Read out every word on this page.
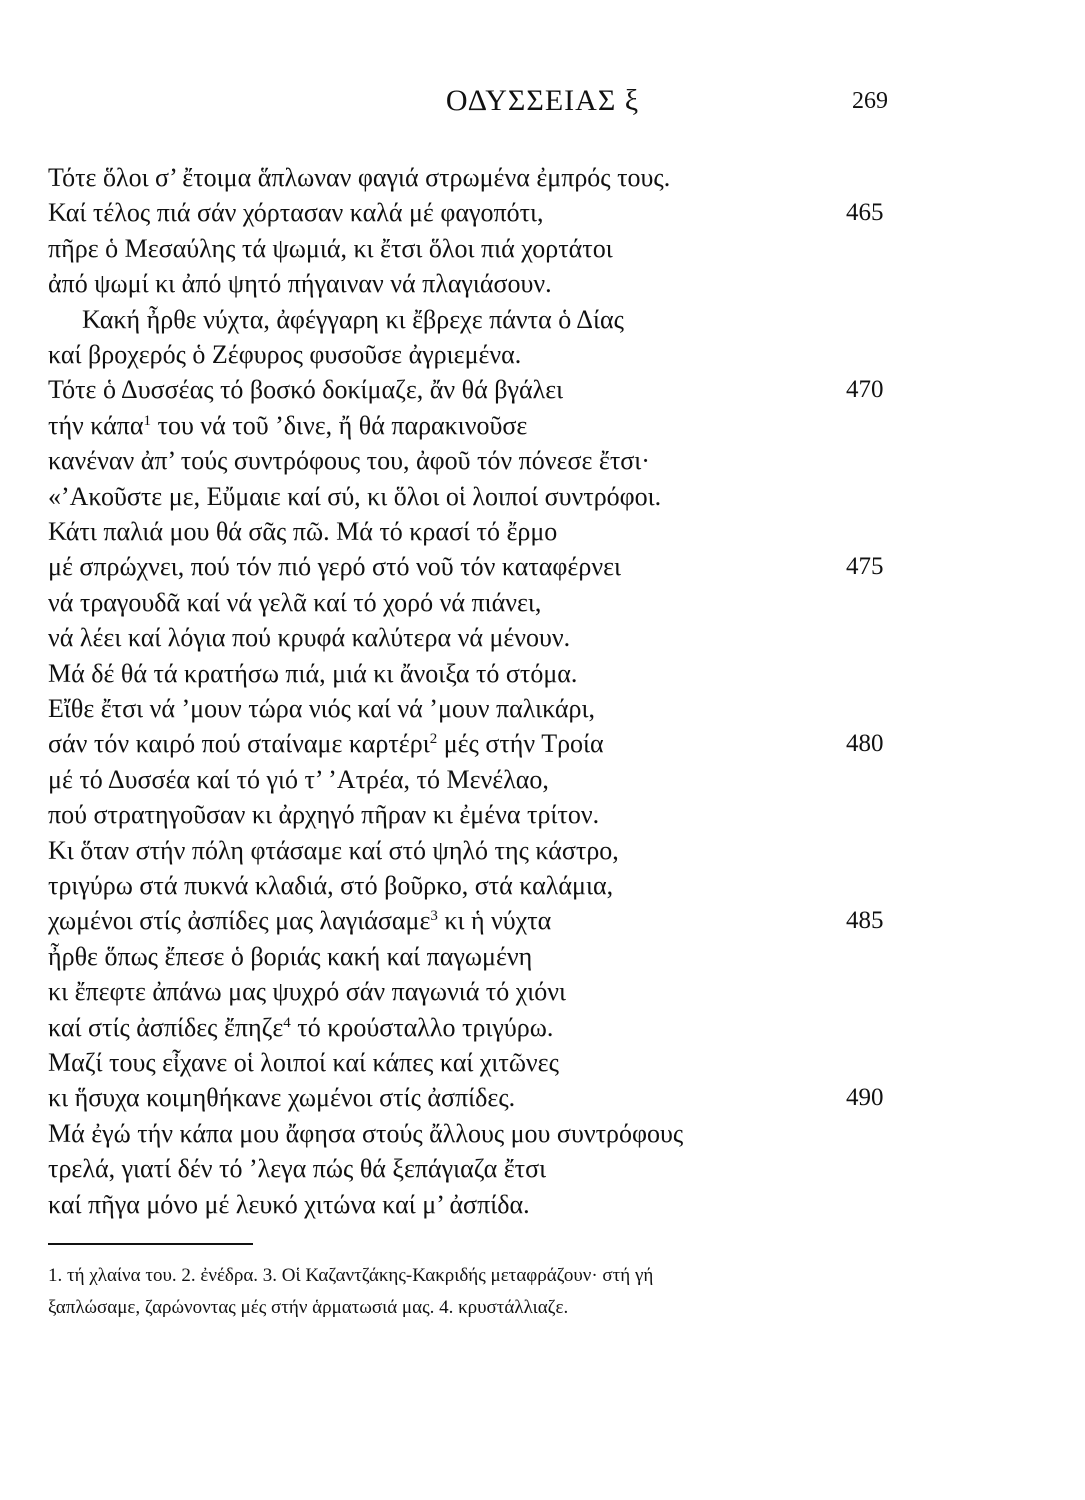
ΟΔΥΣΣΕΙΑΣ ξ	269
Τότε ὅλοι σ’ ἔτοιμα ἅπλωναν φαγιά στρωμένα ἐμπρός τους.
Καί τέλος πιά σάν χόρτασαν καλά μέ φαγοπότι,	465
πῆρε ὁ Μεσαύλης τά ψωμιά, κι ἔτσι ὅλοι πιά χορτάτοι
ἀπό ψωμί κι ἀπό ψητό πήγαιναν νά πλαγιάσουν.
Κακή ἦρθε νύχτα, ἀφέγγαρη κι ἔβρεχε πάντα ὁ Δίας
καί βροχερός ὁ Ζέφυρος φυσοῦσε ἀγριεμένα.
Τότε ὁ Δυσσέας τό βοσκό δοκίμαζε, ἄν θά βγάλει	470
τήν κάπα$^1$ του νά τοῦ ’δινε, ἤ θά παρακινοῦσε
κανέναν ἀπ’ τούς συντρόφους του, ἀφοῦ τόν πόνεσε ἔτσι·
«’Ακοῦστε με, Εὔμαιε καί σύ, κι ὅλοι οἱ λοιποί συντρόφοι.
Κάτι παλιά μου θά σᾶς πῶ. Μά τό κρασί τό ἔρμο
μέ σπρώχνει, πού τόν πιό γερό στό νοῦ τόν καταφέρνει	475
νά τραγουδᾶ καί νά γελᾶ καί τό χορό νά πιάνει,
νά λέει καί λόγια πού κρυφά καλύτερα νά μένουν.
Μά δέ θά τά κρατήσω πιά, μιά κι ἄνοιξα τό στόμα.
Εἴθε ἔτσι νά ’μουν τώρα νιός καί νά ’μουν παλικάρι,
σάν τόν καιρό πού σταίναμε καρτέρι$^2$ μές στήν Τροία	480
μέ τό Δυσσέα καί τό γιό τ’ ’Ατρέα, τό Μενέλαο,
πού στρατηγοῦσαν κι ἀρχηγό πῆραν κι ἐμένα τρίτον.
Κι ὅταν στήν πόλη φτάσαμε καί στό ψηλό της κάστρο,
τριγύρω στά πυκνά κλαδιά, στό βοῦρκο, στά καλάμια,
χωμένοι στίς ἀσπίδες μας λαγιάσαμε$^3$ κι ἡ νύχτα	485
ἦρθε ὅπως ἔπεσε ὁ βοριάς κακή καί παγωμένη
κι ἔπεφτε ἀπάνω μας ψυχρό σάν παγωνιά τό χιόνι
καί στίς ἀσπίδες ἔπηζε$^4$ τό κρούσταλλο τριγύρω.
Μαζί τους εἶχανε οἱ λοιποί καί κάπες καί χιτῶνες
κι ἥσυχα κοιμηθήκανε χωμένοι στίς ἀσπίδες.	490
Μά ἐγώ τήν κάπα μου ἄφησα στούς ἄλλους μου συντρόφους
τρελά, γιατί δέν τό ’λεγα πώς θά ξεπάγιαζα ἔτσι
καί πῆγα μόνο μέ λευκό χιτώνα καί μ’ ἀσπίδα.
1. τή χλαίνα του. 2. ἐνέδρα. 3. Οἱ Καζαντζάκης-Κακριδής μεταφράζουν· στή γή
ξαπλώσαμε, ζαρώνοντας μές στήν ἁρματωσιά μας. 4. κρυστάλλιαζε.
